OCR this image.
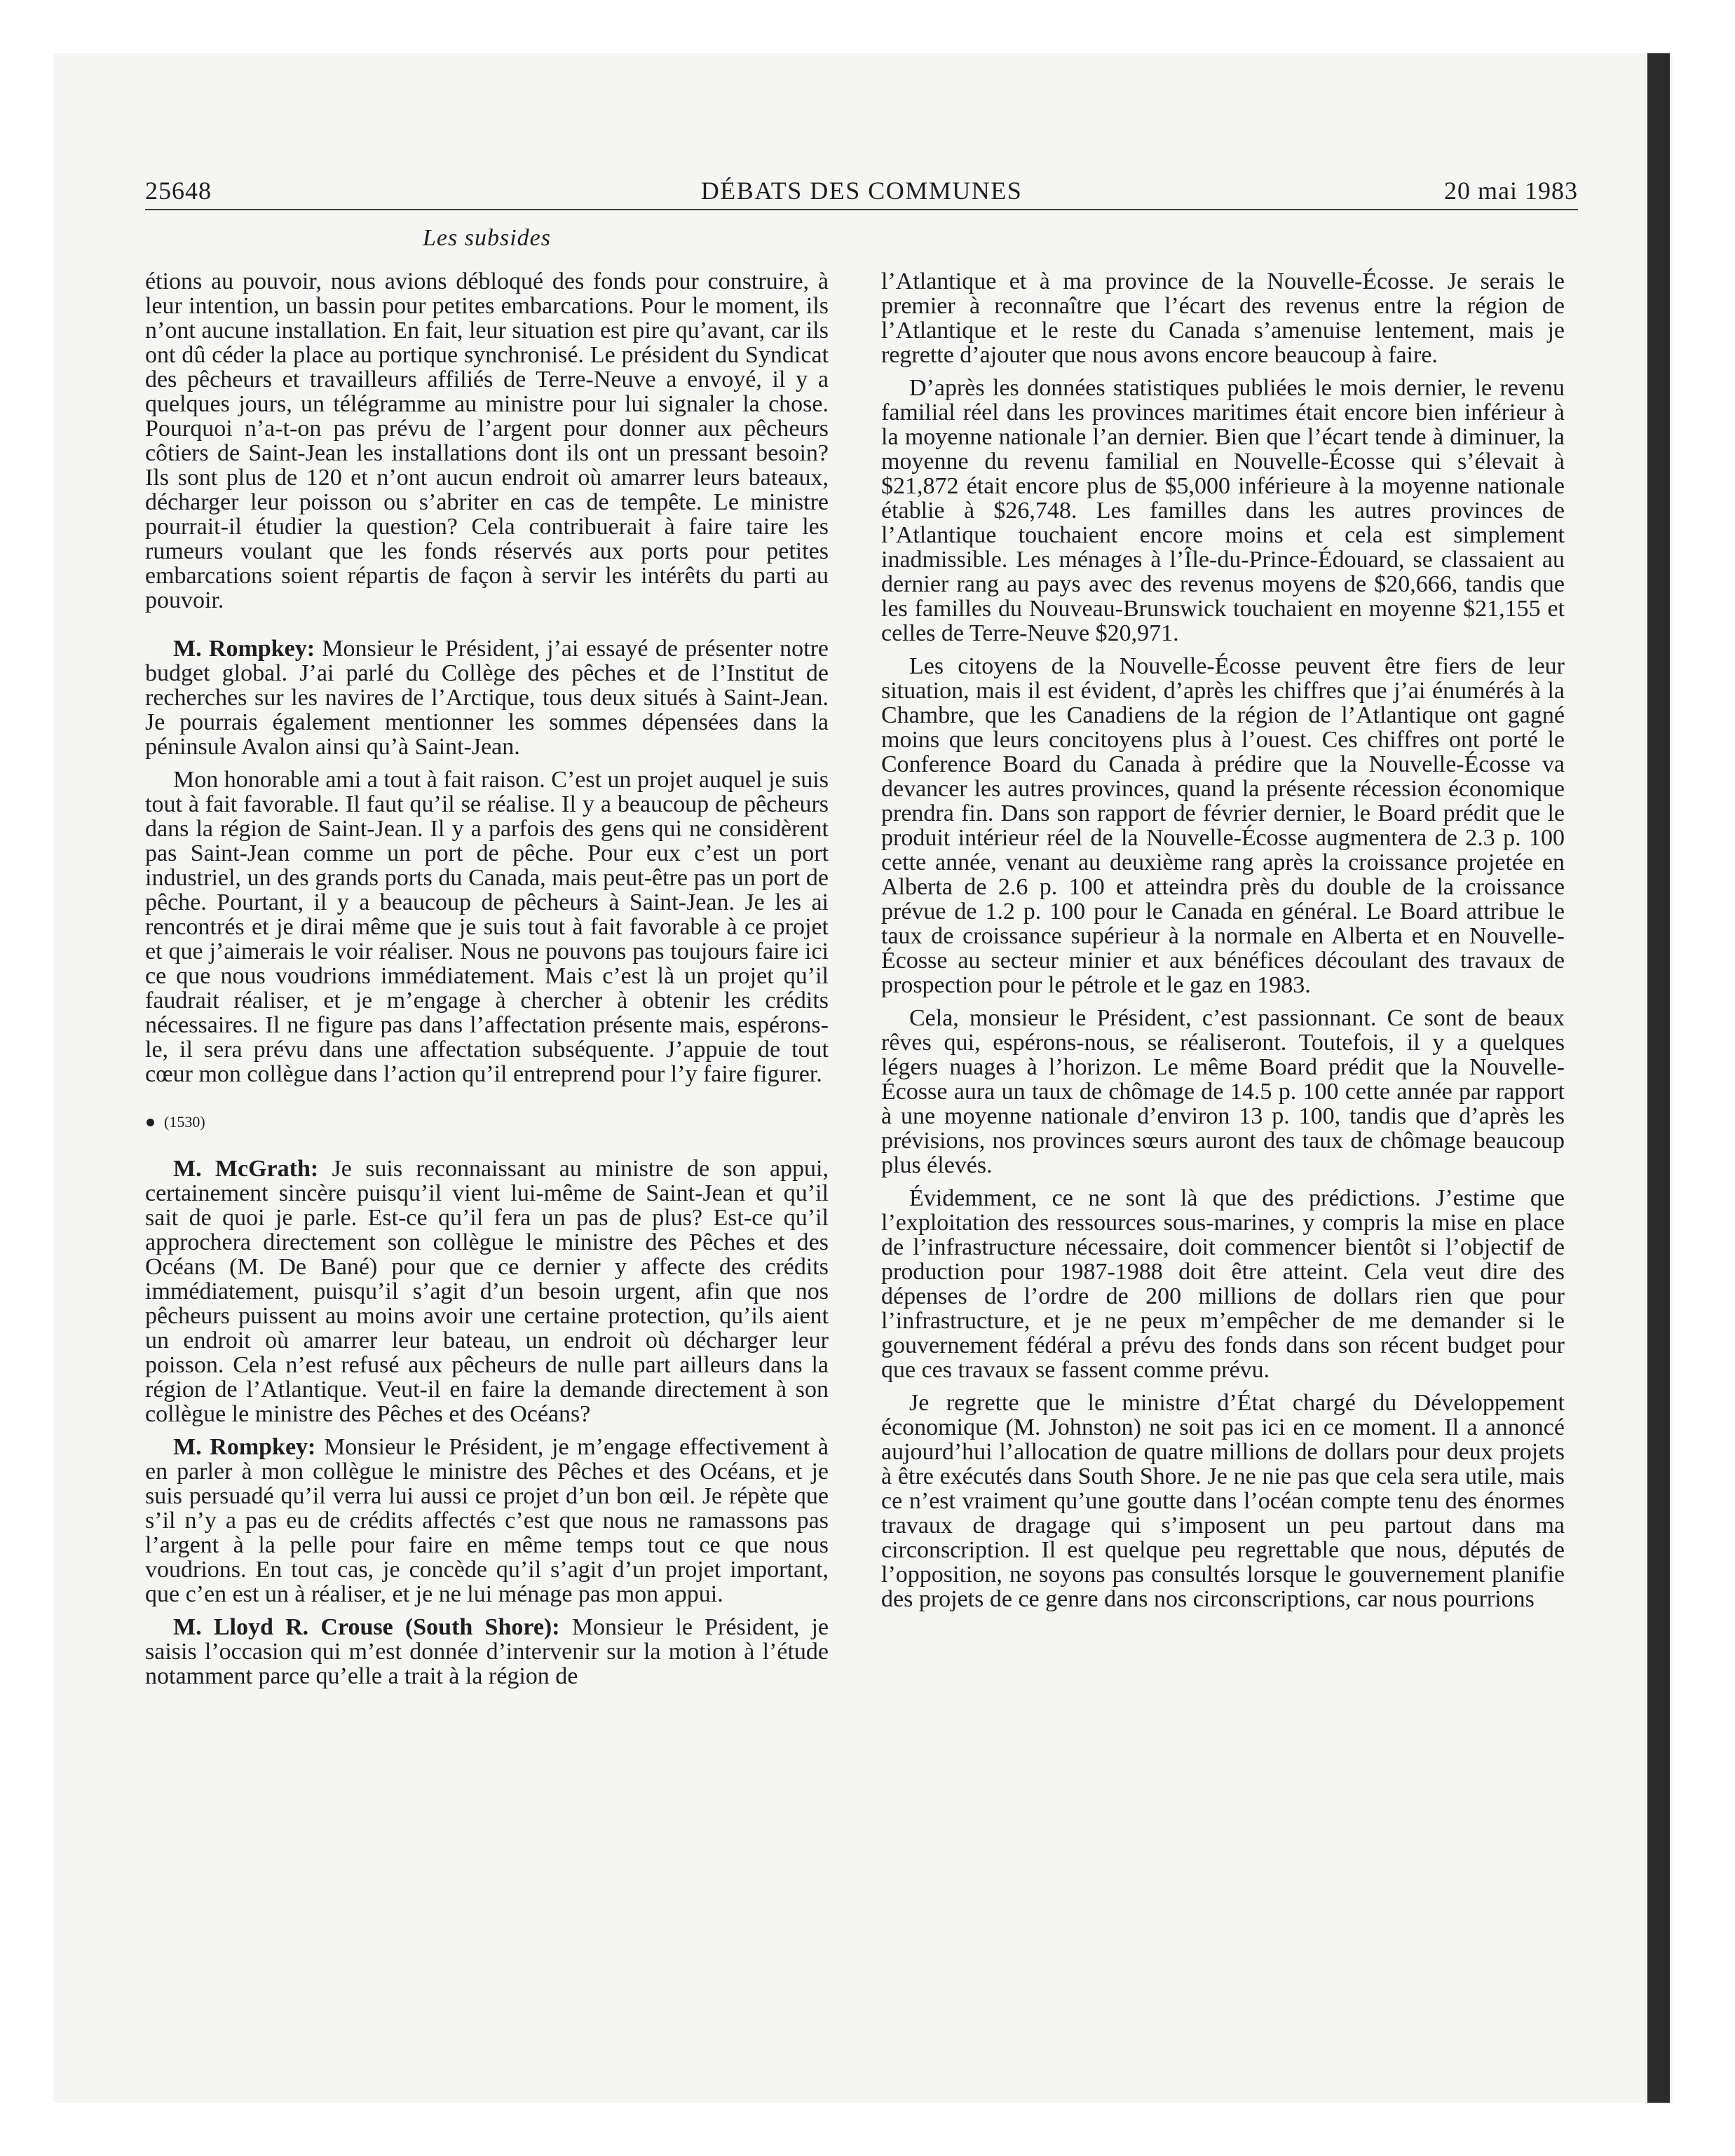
25648	DÉBATS DES COMMUNES	20 mai 1983
Les subsides

étions au pouvoir, nous avions débloqué des fonds pour construire, à leur intention, un bassin pour petites embarcations. Pour le moment, ils n’ont aucune installation. En fait, leur situation est pire qu’avant, car ils ont dû céder la place au portique synchronisé. Le président du Syndicat des pêcheurs et travailleurs affiliés de Terre-Neuve a envoyé, il y a quelques jours, un télégramme au ministre pour lui signaler la chose. Pourquoi n’a-t-on pas prévu de l’argent pour donner aux pêcheurs côtiers de Saint-Jean les installations dont ils ont un pressant besoin? Ils sont plus de 120 et n’ont aucun endroit où amarrer leurs bateaux, décharger leur poisson ou s’abriter en cas de tempête. Le ministre pourrait-il étudier la question? Cela contribuerait à faire taire les rumeurs voulant que les fonds réservés aux ports pour petites embarcations soient répartis de façon à servir les intérêts du parti au pouvoir.

M. Rompkey: Monsieur le Président, j’ai essayé de présenter notre budget global. J’ai parlé du Collège des pêches et de l’Institut de recherches sur les navires de l’Arctique, tous deux situés à Saint-Jean. Je pourrais également mentionner les sommes dépensées dans la péninsule Avalon ainsi qu’à Saint-Jean.

Mon honorable ami a tout à fait raison. C’est un projet auquel je suis tout à fait favorable. Il faut qu’il se réalise. Il y a beaucoup de pêcheurs dans la région de Saint-Jean. Il y a parfois des gens qui ne considèrent pas Saint-Jean comme un port de pêche. Pour eux c’est un port industriel, un des grands ports du Canada, mais peut-être pas un port de pêche. Pourtant, il y a beaucoup de pêcheurs à Saint-Jean. Je les ai rencontrés et je dirai même que je suis tout à fait favorable à ce projet et que j’aimerais le voir réaliser. Nous ne pouvons pas toujours faire ici ce que nous voudrions immédiatement. Mais c’est là un projet qu’il faudrait réaliser, et je m’engage à chercher à obtenir les crédits nécessaires. Il ne figure pas dans l’affectation présente mais, espérons-le, il sera prévu dans une affectation subséquente. J’appuie de tout cœur mon collègue dans l’action qu’il entreprend pour l’y faire figurer.

(1530)

M. McGrath: Je suis reconnaissant au ministre de son appui, certainement sincère puisqu’il vient lui-même de Saint-Jean et qu’il sait de quoi je parle. Est-ce qu’il fera un pas de plus? Est-ce qu’il approchera directement son collègue le ministre des Pêches et des Océans (M. De Bané) pour que ce dernier y affecte des crédits immédiatement, puisqu’il s’agit d’un besoin urgent, afin que nos pêcheurs puissent au moins avoir une certaine protection, qu’ils aient un endroit où amarrer leur bateau, un endroit où décharger leur poisson. Cela n’est refusé aux pêcheurs de nulle part ailleurs dans la région de l’Atlantique. Veut-il en faire la demande directement à son collègue le ministre des Pêches et des Océans?

M. Rompkey: Monsieur le Président, je m’engage effectivement à en parler à mon collègue le ministre des Pêches et des Océans, et je suis persuadé qu’il verra lui aussi ce projet d’un bon œil. Je répète que s’il n’y a pas eu de crédits affectés c’est que nous ne ramassons pas l’argent à la pelle pour faire en même temps tout ce que nous voudrions. En tout cas, je concède qu’il s’agit d’un projet important, que c’en est un à réaliser, et je ne lui ménage pas mon appui.

M. Lloyd R. Crouse (South Shore): Monsieur le Président, je saisis l’occasion qui m’est donnée d’intervenir sur la motion à l’étude notamment parce qu’elle a trait à la région de

l’Atlantique et à ma province de la Nouvelle-Écosse. Je serais le premier à reconnaître que l’écart des revenus entre la région de l’Atlantique et le reste du Canada s’amenuise lentement, mais je regrette d’ajouter que nous avons encore beaucoup à faire.

D’après les données statistiques publiées le mois dernier, le revenu familial réel dans les provinces maritimes était encore bien inférieur à la moyenne nationale l’an dernier. Bien que l’écart tende à diminuer, la moyenne du revenu familial en Nouvelle-Écosse qui s’élevait à $21,872 était encore plus de $5,000 inférieure à la moyenne nationale établie à $26,748. Les familles dans les autres provinces de l’Atlantique touchaient encore moins et cela est simplement inadmissible. Les ménages à l’Île-du-Prince-Édouard, se classaient au dernier rang au pays avec des revenus moyens de $20,666, tandis que les familles du Nouveau-Brunswick touchaient en moyenne $21,155 et celles de Terre-Neuve $20,971.

Les citoyens de la Nouvelle-Écosse peuvent être fiers de leur situation, mais il est évident, d’après les chiffres que j’ai énumérés à la Chambre, que les Canadiens de la région de l’Atlantique ont gagné moins que leurs concitoyens plus à l’ouest. Ces chiffres ont porté le Conference Board du Canada à prédire que la Nouvelle-Écosse va devancer les autres provinces, quand la présente récession économique prendra fin. Dans son rapport de février dernier, le Board prédit que le produit intérieur réel de la Nouvelle-Écosse augmentera de 2.3 p. 100 cette année, venant au deuxième rang après la croissance projetée en Alberta de 2.6 p. 100 et atteindra près du double de la croissance prévue de 1.2 p. 100 pour le Canada en général. Le Board attribue le taux de croissance supérieur à la normale en Alberta et en Nouvelle-Écosse au secteur minier et aux bénéfices découlant des travaux de prospection pour le pétrole et le gaz en 1983.

Cela, monsieur le Président, c’est passionnant. Ce sont de beaux rêves qui, espérons-nous, se réaliseront. Toutefois, il y a quelques légers nuages à l’horizon. Le même Board prédit que la Nouvelle-Écosse aura un taux de chômage de 14.5 p. 100 cette année par rapport à une moyenne nationale d’environ 13 p. 100, tandis que d’après les prévisions, nos provinces sœurs auront des taux de chômage beaucoup plus élevés.

Évidemment, ce ne sont là que des prédictions. J’estime que l’exploitation des ressources sous-marines, y compris la mise en place de l’infrastructure nécessaire, doit commencer bientôt si l’objectif de production pour 1987-1988 doit être atteint. Cela veut dire des dépenses de l’ordre de 200 millions de dollars rien que pour l’infrastructure, et je ne peux m’empêcher de me demander si le gouvernement fédéral a prévu des fonds dans son récent budget pour que ces travaux se fassent comme prévu.

Je regrette que le ministre d’État chargé du Développement économique (M. Johnston) ne soit pas ici en ce moment. Il a annoncé aujourd’hui l’allocation de quatre millions de dollars pour deux projets à être exécutés dans South Shore. Je ne nie pas que cela sera utile, mais ce n’est vraiment qu’une goutte dans l’océan compte tenu des énormes travaux de dragage qui s’imposent un peu partout dans ma circonscription. Il est quelque peu regrettable que nous, députés de l’opposition, ne soyons pas consultés lorsque le gouvernement planifie des projets de ce genre dans nos circonscriptions, car nous pourrions
